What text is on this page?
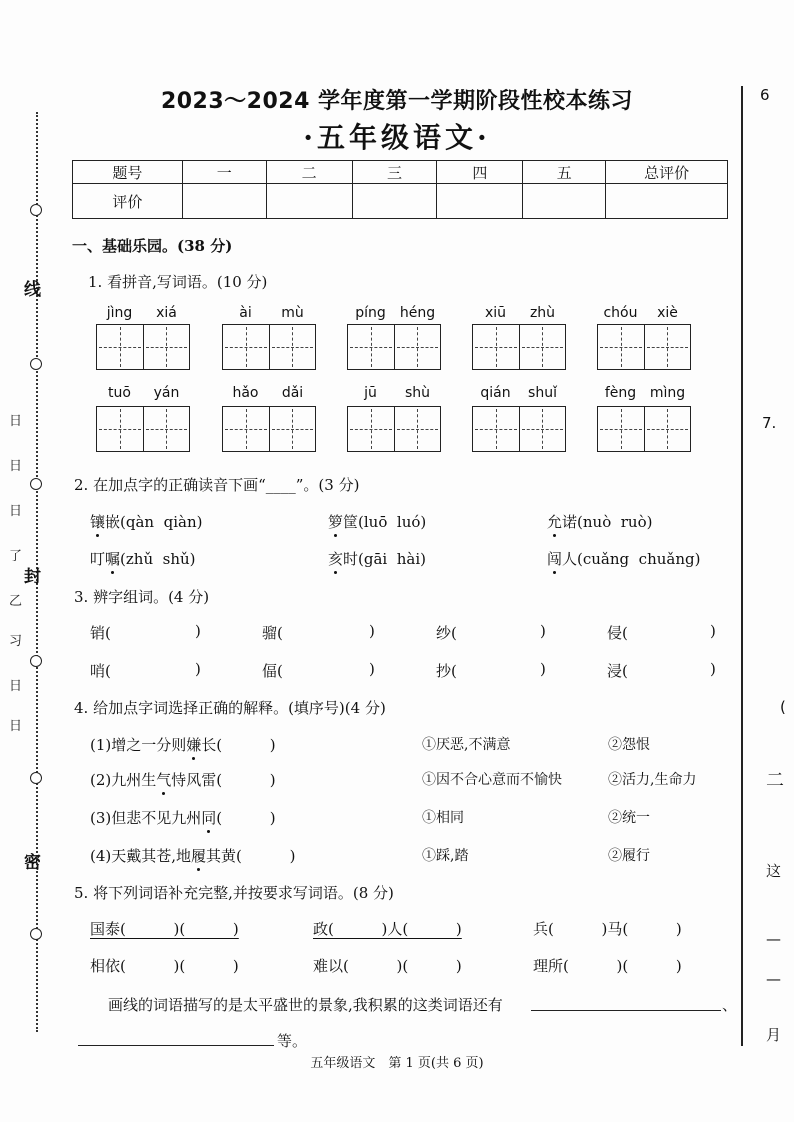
线
封
密
日
日
日
了
乙
习
日
日
6
7.
(
二
这
—
—
月
2023～2024 学年度第一学期阶段性校本练习
·五年级语文·
题号	一	二	三	四	五	总评价
评价						
一、基础乐园。(38 分)
1. 看拼音,写词语。(10 分)
jìng	xiá	ài	mù	píng	héng	xiū	zhù	chóu	xiè
tuō	yán	hǎo	dǎi	jū	shù	qián	shuǐ	fèng mìng
2. 在加点字的正确读音下画“____”。(3 分)
镶嵌(qàn  qiàn)	箩筐(luō  luó)	允诺(nuò  ruò)
叮嘱(zhǔ  shǔ)	亥时(gāi  hài)	闯人(cuǎng  chuǎng)
3. 辨字组词。(4 分)
销(	)	骝(	)	纱(	)	侵(	)
哨(	)	偪(	)	抄(	)	浸(	)
4. 给加点字词选择正确的解释。(填序号)(4 分)
(1)增之一分则嫌长(          )	①厌恶,不满意	②怨恨
(2)九州生气恃风雷(          )	①因不合心意而不愉快	②活力,生命力
(3)但悲不见九州同(          )	①相同	②统一
(4)天戴其苍,地履其黄(          )	①踩,踏	②履行
5. 将下列词语补充完整,并按要求写词语。(8 分)
国泰(          )(          )	政(          )人(          )	兵(          )马(          )
相依(          )(          )	难以(          )(          )	理所(          )(          )
画线的词语描写的是太平盛世的景象,我积累的这类词语还有	、
等。
五年级语文　第 1 页(共 6 页)
